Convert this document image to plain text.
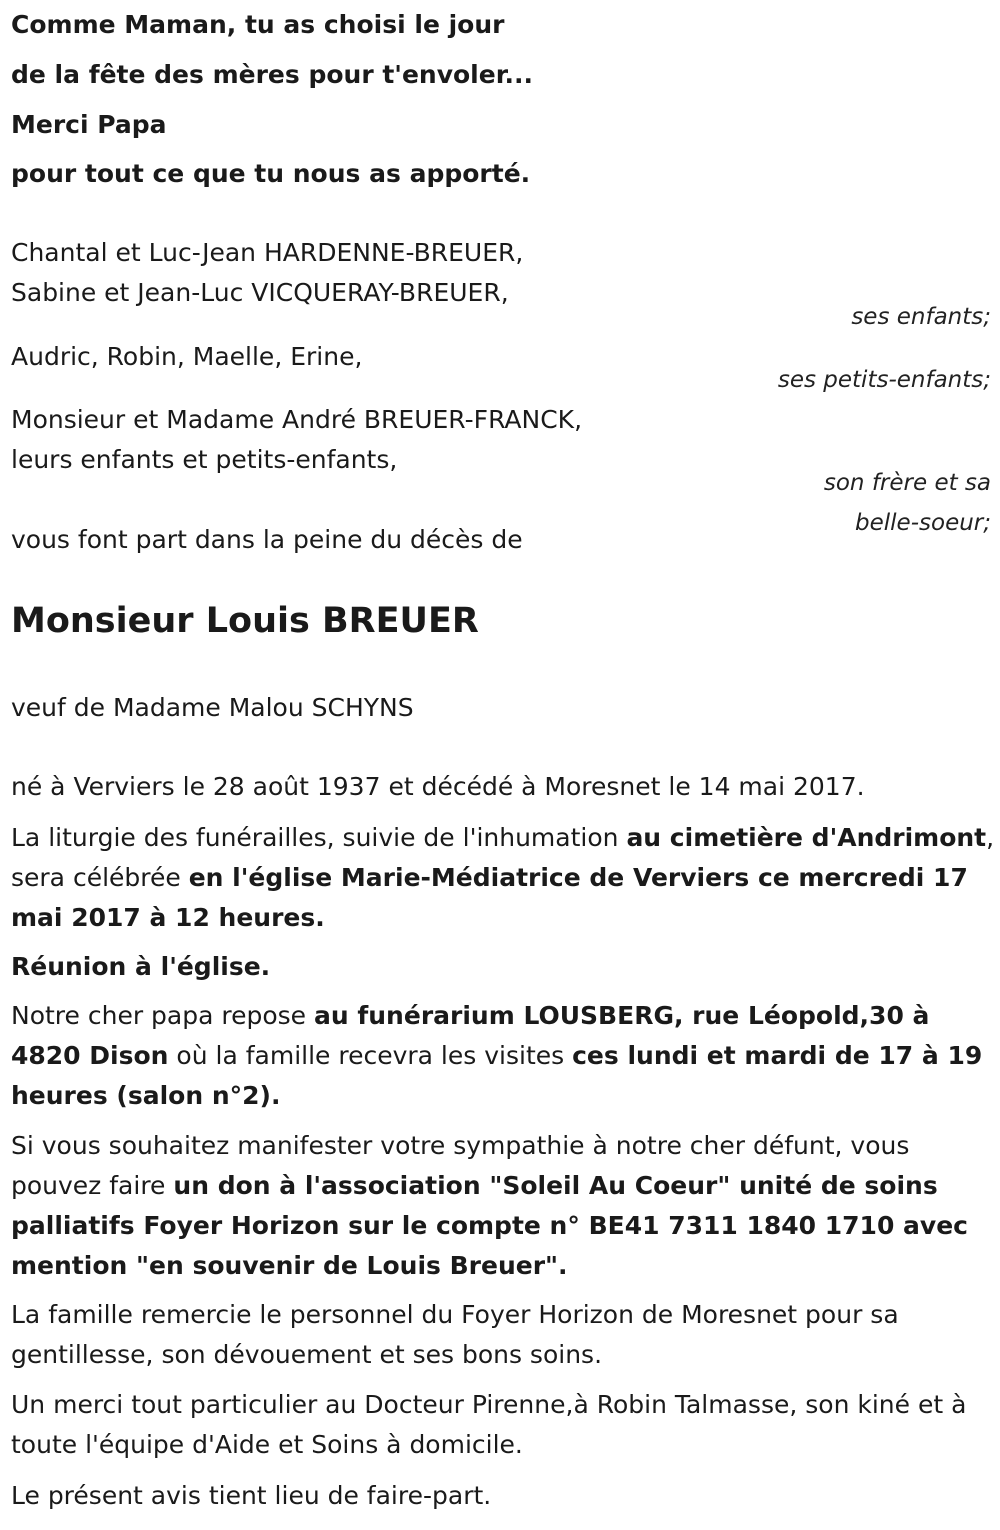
Comme Maman, tu as choisi le jour
de la fête des mères pour t'envoler...
Merci Papa
pour tout ce que tu nous as apporté.
Chantal et Luc-Jean HARDENNE-BREUER,
Sabine et Jean-Luc VICQUERAY-BREUER,
ses enfants;
Audric, Robin, Maelle, Erine,
ses petits-enfants;
Monsieur et Madame André BREUER-FRANCK,
leurs enfants et petits-enfants,
son frère et sa
belle-soeur;
vous font part dans la peine du décès de
Monsieur Louis BREUER
veuf de Madame Malou SCHYNS
né à Verviers le 28 août 1937 et décédé à Moresnet le 14 mai 2017.
La liturgie des funérailles, suivie de l'inhumation au cimetière d'Andrimont, sera célébrée en l'église Marie-Médiatrice de Verviers ce mercredi 17 mai 2017 à 12 heures.
Réunion à l'église.
Notre cher papa repose au funérarium LOUSBERG, rue Léopold,30 à 4820 Dison où la famille recevra les visites ces lundi et mardi de 17 à 19 heures (salon n°2).
Si vous souhaitez manifester votre sympathie à notre cher défunt, vous pouvez faire un don à l'association "Soleil Au Coeur" unité de soins palliatifs Foyer Horizon sur le compte n° BE41 7311 1840 1710 avec mention "en souvenir de Louis Breuer".
La famille remercie le personnel du Foyer Horizon de Moresnet pour sa gentillesse, son dévouement et ses bons soins.
Un merci tout particulier au Docteur Pirenne,à Robin Talmasse, son kiné et à toute l'équipe d'Aide et Soins à domicile.
Le présent avis tient lieu de faire-part.
